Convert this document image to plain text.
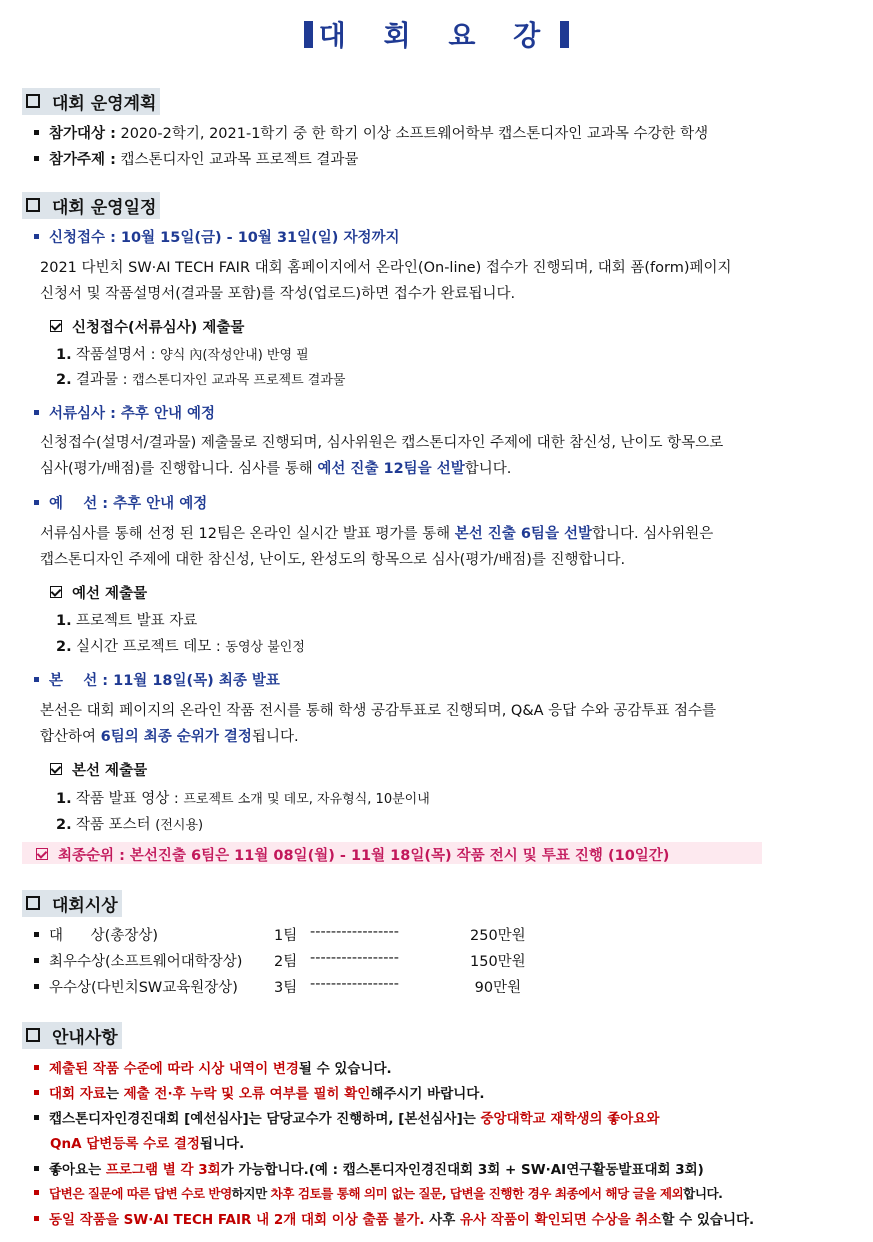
대 회 요 강
대회 운영계획
참가대상 : 2020-2학기, 2021-1학기 중 한 학기 이상 소프트웨어학부 캡스톤디자인 교과목 수강한 학생
참가주제 : 캡스톤디자인 교과목 프로젝트 결과물
대회 운영일정
신청접수 : 10월 15일(금) - 10월 31일(일) 자정까지
2021 다빈치 SW·AI TECH FAIR 대회 홈페이지에서 온라인(On-line) 접수가 진행되며, 대회 폼(form)페이지
신청서 및 작품설명서(결과물 포함)를 작성(업로드)하면 접수가 완료됩니다.
신청접수(서류심사) 제출물
1. 작품설명서 : 양식 內(작성안내) 반영 필
2. 결과물 : 캡스톤디자인 교과목 프로젝트 결과물
서류심사 : 추후 안내 예정
신청접수(설명서/결과물) 제출물로 진행되며, 심사위원은 캡스톤디자인 주제에 대한 참신성, 난이도 항목으로
심사(평가/배점)를 진행합니다. 심사를 통해 예선 진출 12팀을 선발합니다.
예    선 : 추후 안내 예정
서류심사를 통해 선정 된 12팀은 온라인 실시간 발표 평가를 통해 본선 진출 6팀을 선발합니다. 심사위원은
캡스톤디자인 주제에 대한 참신성, 난이도, 완성도의 항목으로 심사(평가/배점)를 진행합니다.
예선 제출물
1. 프로젝트 발표 자료
2. 실시간 프로젝트 데모 : 동영상 불인정
본    선 : 11월 18일(목) 최종 발표
본선은 대회 페이지의 온라인 작품 전시를 통해 학생 공감투표로 진행되며, Q&A 응답 수와 공감투표 점수를
합산하여 6팀의 최종 순위가 결정됩니다.
본선 제출물
1. 작품 발표 영상 : 프로젝트 소개 및 데모, 자유형식, 10분이내
2. 작품 포스터 (전시용)
최종순위 : 본선진출 6팀은 11월 08일(월) - 11월 18일(목) 작품 전시 및 투표 진행 (10일간)
대회시상
대      상(총장상)	1팀 -----------------	250만원
최우수상(소프트웨어대학장상) 2팀 -----------------	150만원
우수상(다빈치SW교육원장상) 3팀 -----------------	90만원
안내사항
제출된 작품 수준에 따라 시상 내역이 변경될 수 있습니다.
대회 자료는 제출 전·후 누락 및 오류 여부를 필히 확인해주시기 바랍니다.
캡스톤디자인경진대회 [예선심사]는 담당교수가 진행하며, [본선심사]는 중앙대학교 재학생의 좋아요와
QnA 답변등록 수로 결정됩니다.
좋아요는 프로그램 별 각 3회가 가능합니다.(예 : 캡스톤디자인경진대회 3회 + SW·AI연구활동발표대회 3회)
답변은 질문에 따른 답변 수로 반영하지만 차후 검토를 통해 의미 없는 질문, 답변을 진행한 경우 최종에서 해당 글을 제외합니다.
동일 작품을 SW·AI TECH FAIR 내 2개 대회 이상 출품 불가. 사후 유사 작품이 확인되면 수상을 취소할 수 있습니다.
